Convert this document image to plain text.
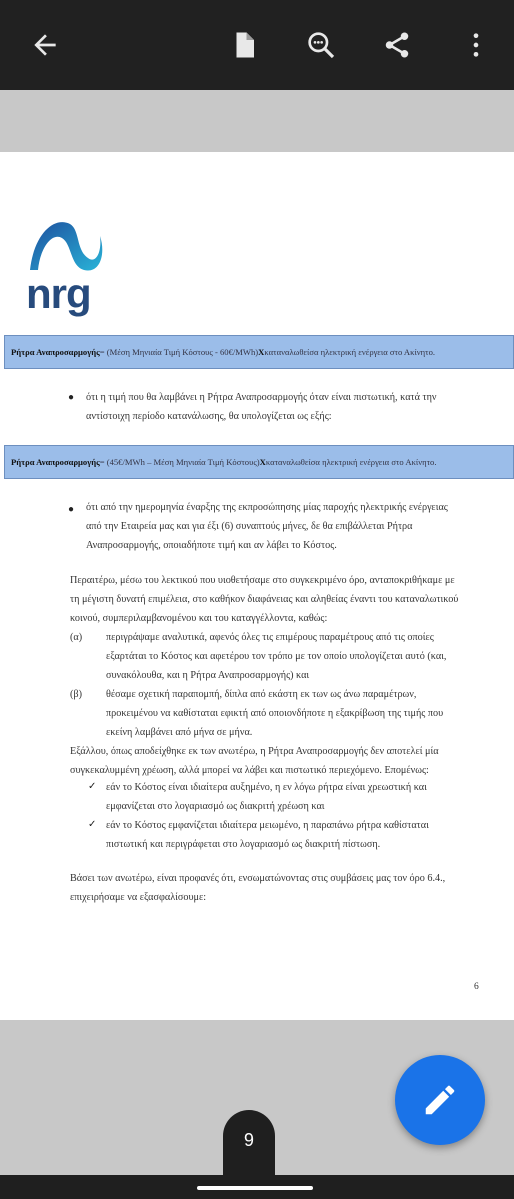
nrg
Ρήτρα Αναπροσαρμογής = (Μέση Μηνιαία Τιμή Κόστους - 60€/MWh) X καταναλωθείσα ηλεκτρική ενέργεια στο Ακίνητο.
● ότι η τιμή που θα λαμβάνει η Ρήτρα Αναπροσαρμογής όταν είναι πιστωτική, κατά την
αντίστοιχη περίοδο κατανάλωσης, θα υπολογίζεται ως εξής:
Ρήτρα Αναπροσαρμογής = (45€/MWh – Μέση Μηνιαία Τιμή Κόστους) X καταναλωθείσα ηλεκτρική ενέργεια στο Ακίνητο.
● ότι από την ημερομηνία έναρξης της εκπροσώπησης μίας παροχής ηλεκτρικής ενέργειας
από την Εταιρεία μας και για έξι (6) συναπτούς μήνες, δε θα επιβάλλεται Ρήτρα
Αναπροσαρμογής, οποιαδήποτε τιμή και αν λάβει το Κόστος.
Περαιτέρω, μέσω του λεκτικού που υιοθετήσαμε στο συγκεκριμένο όρο, ανταποκριθήκαμε με
τη μέγιστη δυνατή επιμέλεια, στο καθήκον διαφάνειας και αληθείας έναντι του καταναλωτικού
κοινού, συμπεριλαμβανομένου και του καταγγέλλοντα, καθώς:
(α) περιγράψαμε αναλυτικά, αφενός όλες τις επιμέρους παραμέτρους από τις οποίες
εξαρτάται το Κόστος και αφετέρου τον τρόπο με τον οποίο υπολογίζεται αυτό (και,
συνακόλουθα, και η Ρήτρα Αναπροσαρμογής) και
(β) θέσαμε σχετική παραπομπή, δίπλα από εκάστη εκ των ως άνω παραμέτρων,
προκειμένου να καθίσταται εφικτή από οποιονδήποτε η εξακρίβωση της τιμής που
εκείνη λαμβάνει από μήνα σε μήνα.
Εξάλλου, όπως αποδείχθηκε εκ των ανωτέρω, η Ρήτρα Αναπροσαρμογής δεν αποτελεί μία
συγκεκαλυμμένη χρέωση, αλλά μπορεί να λάβει και πιστωτικό περιεχόμενο. Επομένως:
✓ εάν το Κόστος είναι ιδιαίτερα αυξημένο, η εν λόγω ρήτρα είναι χρεωστική και
εμφανίζεται στο λογαριασμό ως διακριτή χρέωση και
✓ εάν το Κόστος εμφανίζεται ιδιαίτερα μειωμένο, η παραπάνω ρήτρα καθίσταται
πιστωτική και περιγράφεται στο λογαριασμό ως διακριτή πίστωση.
Βάσει των ανωτέρω, είναι προφανές ότι, ενσωματώνοντας στις συμβάσεις μας τον όρο 6.4.,
επιχειρήσαμε να εξασφαλίσουμε:
6
6
